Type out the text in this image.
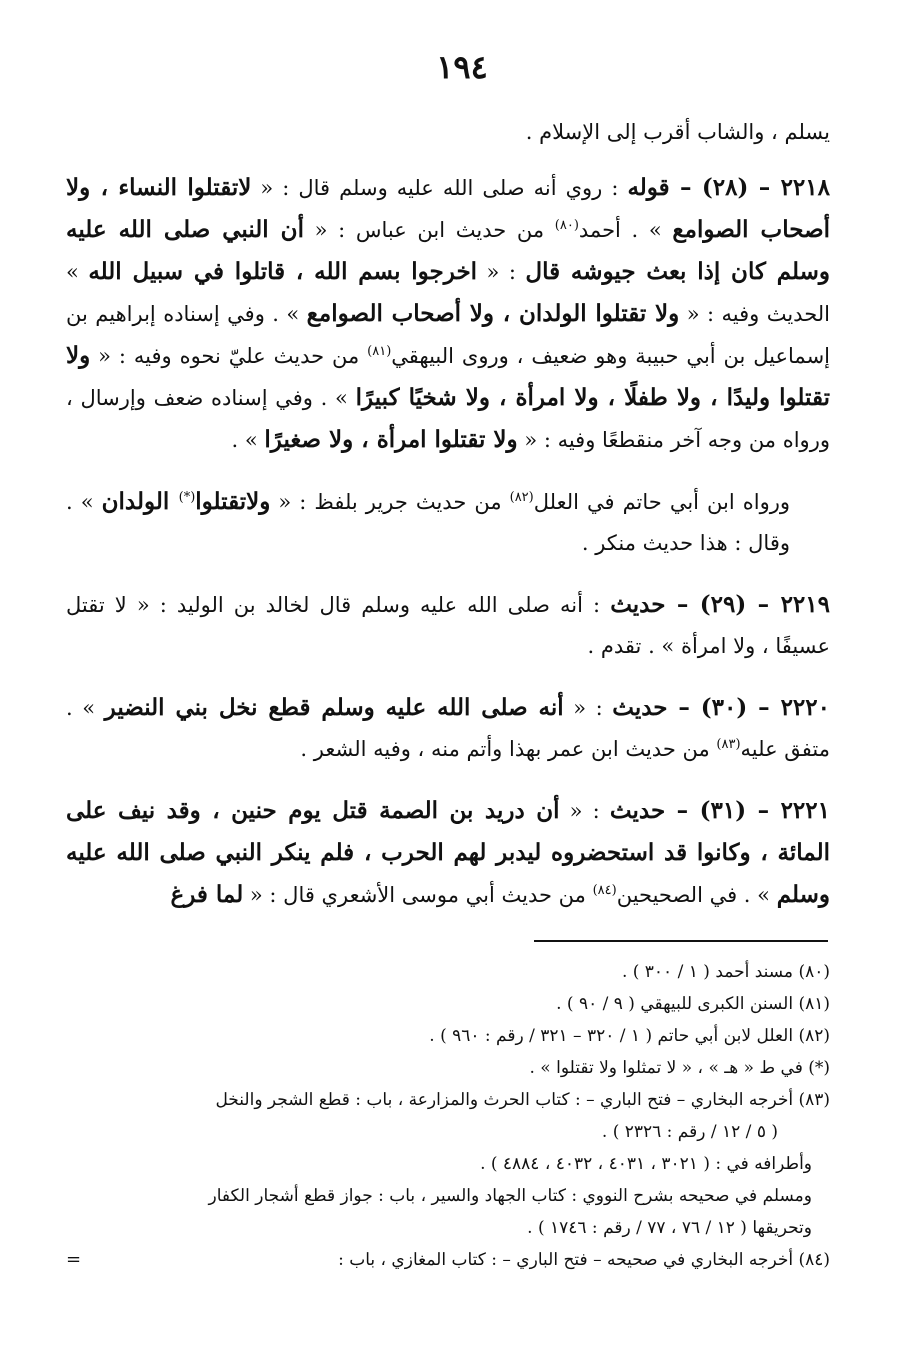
١٩٤

يسلم ، والشاب أقرب إلى الإسلام .

٢٢١٨ – (٢٨) – قوله : روي أنه صلى الله عليه وسلم قال : « لاتقتلوا النساء ، ولا أصحاب الصوامع » . أحمد$^{(٨٠)}$ من حديث ابن عباس : « أن النبي صلى الله عليه وسلم كان إذا بعث جيوشه قال : « اخرجوا بسم الله ، قاتلوا في سبيل الله » الحديث وفيه : « ولا تقتلوا الولدان ، ولا أصحاب الصوامع » . وفي إسناده إبراهيم بن إسماعيل بن أبي حبيبة وهو ضعيف ، وروى البيهقي$^{(٨١)}$ من حديث عليّ نحوه وفيه : « ولا تقتلوا وليدًا ، ولا طفلًا ، ولا امرأة ، ولا شخيًا كبيرًا » . وفي إسناده ضعف وإرسال ، ورواه من وجه آخر منقطعًا وفيه : « ولا تقتلوا امرأة ، ولا صغيرًا » .

ورواه ابن أبي حاتم في العلل$^{(٨٢)}$ من حديث جرير بلفظ : « ولاتقتلوا(*) الولدان » . وقال : هذا حديث منكر .

٢٢١٩ – (٢٩) – حديث : أنه صلى الله عليه وسلم قال لخالد بن الوليد : « لا تقتل عسيفًا ، ولا امرأة » . تقدم .

٢٢٢٠ – (٣٠) – حديث : « أنه صلى الله عليه وسلم قطع نخل بني النضير » . متفق عليه$^{(٨٣)}$ من حديث ابن عمر بهذا وأتم منه ، وفيه الشعر .

٢٢٢١ – (٣١) – حديث : « أن دريد بن الصمة قتل يوم حنين ، وقد نيف على المائة ، وكانوا قد استحضروه ليدبر لهم الحرب ، فلم ينكر النبي صلى الله عليه وسلم » . في الصحيحين$^{(٨٤)}$ من حديث أبي موسى الأشعري قال : « لما فرغ

(٨٠) مسند أحمد ( ١ / ٣٠٠ ) .

(٨١) السنن الكبرى للبيهقي ( ٩ / ٩٠ ) .

(٨٢) العلل لابن أبي حاتم ( ١ / ٣٢٠ – ٣٢١ / رقم : ٩٦٠ ) .

(*) في ط « هـ » ، « لا تمثلوا ولا تقتلوا » .

(٨٣) أخرجه البخاري – فتح الباري – : كتاب الحرث والمزارعة ، باب : قطع الشجر والنخل

( ٥ / ١٢ / رقم : ٢٣٢٦ ) .

وأطرافه في : ( ٣٠٢١ ، ٤٠٣١ ، ٤٠٣٢ ، ٤٨٨٤ ) .

ومسلم في صحيحه بشرح النووي : كتاب الجهاد والسير ، باب : جواز قطع أشجار الكفار

وتحريقها ( ١٢ / ٧٦ ، ٧٧ / رقم : ١٧٤٦ ) .

(٨٤) أخرجه البخاري في صحيحه – فتح الباري – : كتاب المغازي ، باب :
=
